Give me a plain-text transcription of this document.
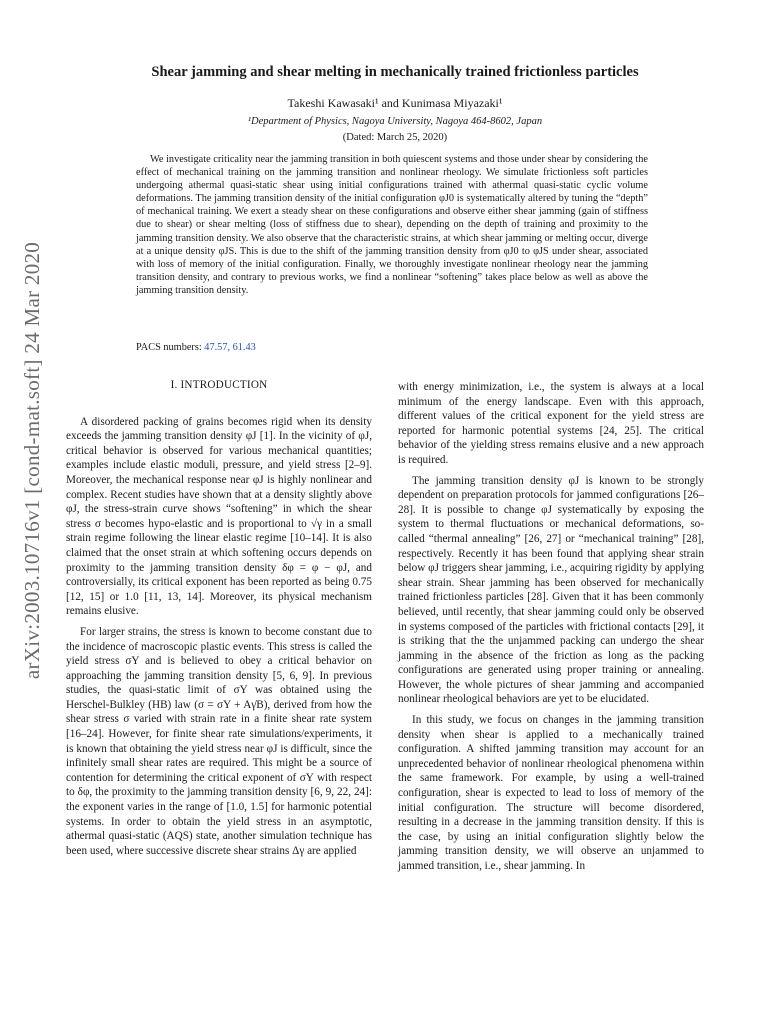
arXiv:2003.10716v1 [cond-mat.soft] 24 Mar 2020
Shear jamming and shear melting in mechanically trained frictionless particles
Takeshi Kawasaki¹ and Kunimasa Miyazaki¹
¹Department of Physics, Nagoya University, Nagoya 464-8602, Japan
(Dated: March 25, 2020)

We investigate criticality near the jamming transition in both quiescent systems and those under shear by considering the effect of mechanical training on the jamming transition and nonlinear rheology. We simulate frictionless soft particles undergoing athermal quasi-static shear using initial configurations trained with athermal quasi-static cyclic volume deformations. The jamming transition density of the initial configuration φJ0 is systematically altered by tuning the “depth” of mechanical training. We exert a steady shear on these configurations and observe either shear jamming (gain of stiffness due to shear) or shear melting (loss of stiffness due to shear), depending on the depth of training and proximity to the jamming transition density. We also observe that the characteristic strains, at which shear jamming or melting occur, diverge at a unique density φJS. This is due to the shift of the jamming transition density from φJ0 to φJS under shear, associated with loss of memory of the initial configuration. Finally, we thoroughly investigate nonlinear rheology near the jamming transition density, and contrary to previous works, we find a nonlinear “softening” takes place below as well as above the jamming transition density.

PACS numbers: 47.57, 61.43
I. INTRODUCTION

A disordered packing of grains becomes rigid when its density exceeds the jamming transition density φJ [1]. In the vicinity of φJ, critical behavior is observed for various mechanical quantities; examples include elastic moduli, pressure, and yield stress [2–9]. Moreover, the mechanical response near φJ is highly nonlinear and complex. Recent studies have shown that at a density slightly above φJ, the stress-strain curve shows “softening” in which the shear stress σ becomes hypo-elastic and is proportional to √γ in a small strain regime following the linear elastic regime [10–14]. It is also claimed that the onset strain at which softening occurs depends on proximity to the jamming transition density δφ = φ − φJ, and controversially, its critical exponent has been reported as being 0.75 [12, 15] or 1.0 [11, 13, 14]. Moreover, its physical mechanism remains elusive.

For larger strains, the stress is known to become constant due to the incidence of macroscopic plastic events. This stress is called the yield stress σY and is believed to obey a critical behavior on approaching the jamming transition density [5, 6, 9]. In previous studies, the quasi-static limit of σY was obtained using the Herschel-Bulkley (HB) law (σ = σY + Aγ̇B), derived from how the shear stress σ varied with strain rate in a finite shear rate system [16–24]. However, for finite shear rate simulations/experiments, it is known that obtaining the yield stress near φJ is difficult, since the infinitely small shear rates are required. This might be a source of contention for determining the critical exponent of σY with respect to δφ, the proximity to the jamming transition density [6, 9, 22, 24]: the exponent varies in the range of [1.0, 1.5] for harmonic potential systems. In order to obtain the yield stress in an asymptotic, athermal quasi-static (AQS) state, another simulation technique has been used, where successive discrete shear strains Δγ are applied

with energy minimization, i.e., the system is always at a local minimum of the energy landscape. Even with this approach, different values of the critical exponent for the yield stress are reported for harmonic potential systems [24, 25]. The critical behavior of the yielding stress remains elusive and a new approach is required.

The jamming transition density φJ is known to be strongly dependent on preparation protocols for jammed configurations [26–28]. It is possible to change φJ systematically by exposing the system to thermal fluctuations or mechanical deformations, so-called “thermal annealing” [26, 27] or “mechanical training” [28], respectively. Recently it has been found that applying shear strain below φJ triggers shear jamming, i.e., acquiring rigidity by applying shear strain. Shear jamming has been observed for mechanically trained frictionless particles [28]. Given that it has been commonly believed, until recently, that shear jamming could only be observed in systems composed of the particles with frictional contacts [29], it is striking that the the unjammed packing can undergo the shear jamming in the absence of the friction as long as the packing configurations are generated using proper training or annealing. However, the whole pictures of shear jamming and accompanied nonlinear rheological behaviors are yet to be elucidated.

In this study, we focus on changes in the jamming transition density when shear is applied to a mechanically trained configuration. A shifted jamming transition may account for an unprecedented behavior of nonlinear rheological phenomena within the same framework. For example, by using a well-trained configuration, shear is expected to lead to loss of memory of the initial configuration. The structure will become disordered, resulting in a decrease in the jamming transition density. If this is the case, by using an initial configuration slightly below the jamming transition density, we will observe an unjammed to jammed transition, i.e., shear jamming. In
